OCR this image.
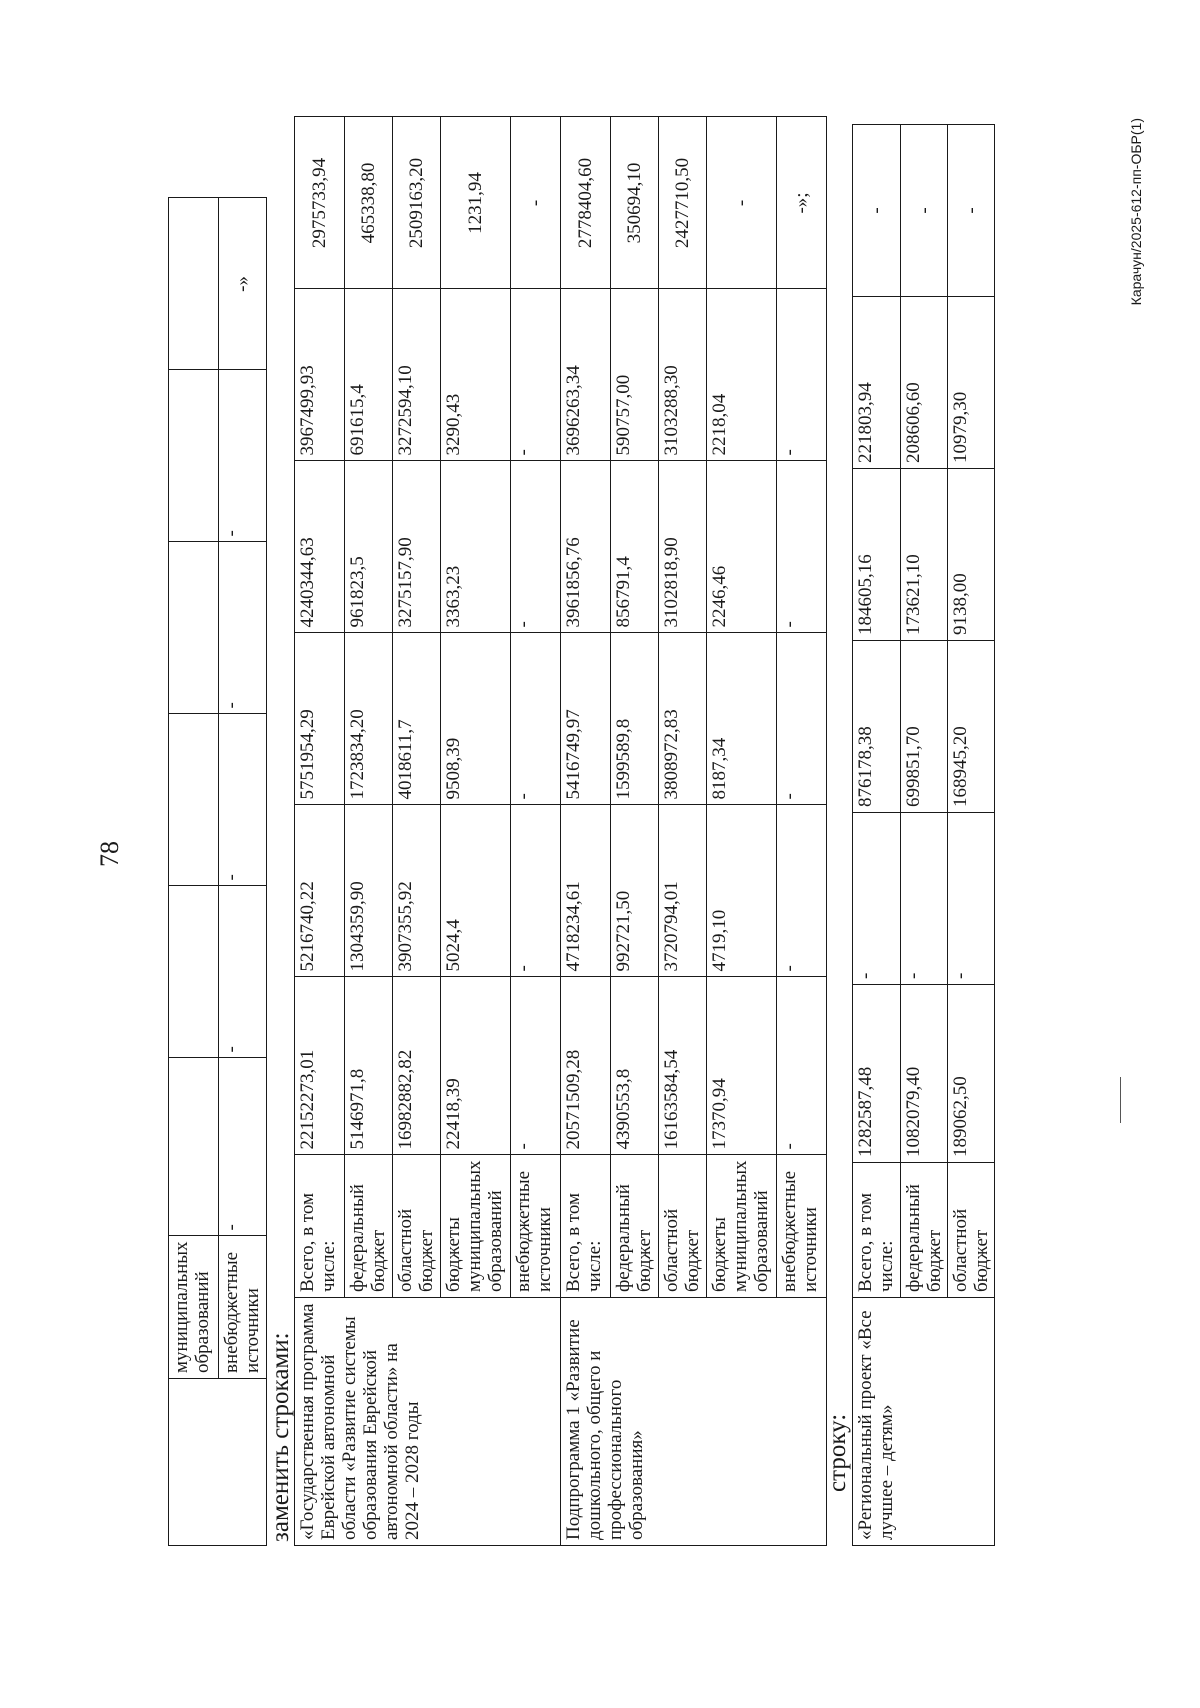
78
	муниципальных образований						
	внебюджетные источники	-	-	-	-	-	-»
заменить строками: «Государственная программа Еврейской автономной области «Развитие системы образования Еврейской автономной области» на 2024 – 2028 годы	Всего, в том числе:	22152273,01	5216740,22	5751954,29	4240344,63	3967499,93	2975733,94
	федеральный бюджет	5146971,8	1304359,90	1723834,20	961823,5	691615,4	465338,80
	областной бюджет	16982882,82	3907355,92	4018611,7	3275157,90	3272594,10	2509163,20
	бюджеты муниципальных образований	22418,39	5024,4	9508,39	3363,23	3290,43	1231,94
	внебюджетные источники	-	-	-	-	-	-
Подпрограмма 1 «Развитие дошкольного, общего и профессионального образования»	Всего, в том числе:	20571509,28	4718234,61	5416749,97	3961856,76	3696263,34	2778404,60
	федеральный бюджет	4390553,8	992721,50	1599589,8	856791,4	590757,00	350694,10
	областной бюджет	16163584,54	3720794,01	3808972,83	3102818,90	3103288,30	2427710,50
	бюджеты муниципальных образований	17370,94	4719,10	8187,34	2246,46	2218,04	-
	внебюджетные источники	-	-	-	-	-	-»;
строку: «Региональный проект «Все лучшее – детям»	Всего, в том числе:	1282587,48	-	876178,38	184605,16	221803,94	-
	федеральный бюджет	1082079,40	-	699851,70	173621,10	208606,60	-
	областной бюджет	189062,50	-	168945,20	9138,00	10979,30	-	Карачун/2025-612-пп-ОБР(1)
